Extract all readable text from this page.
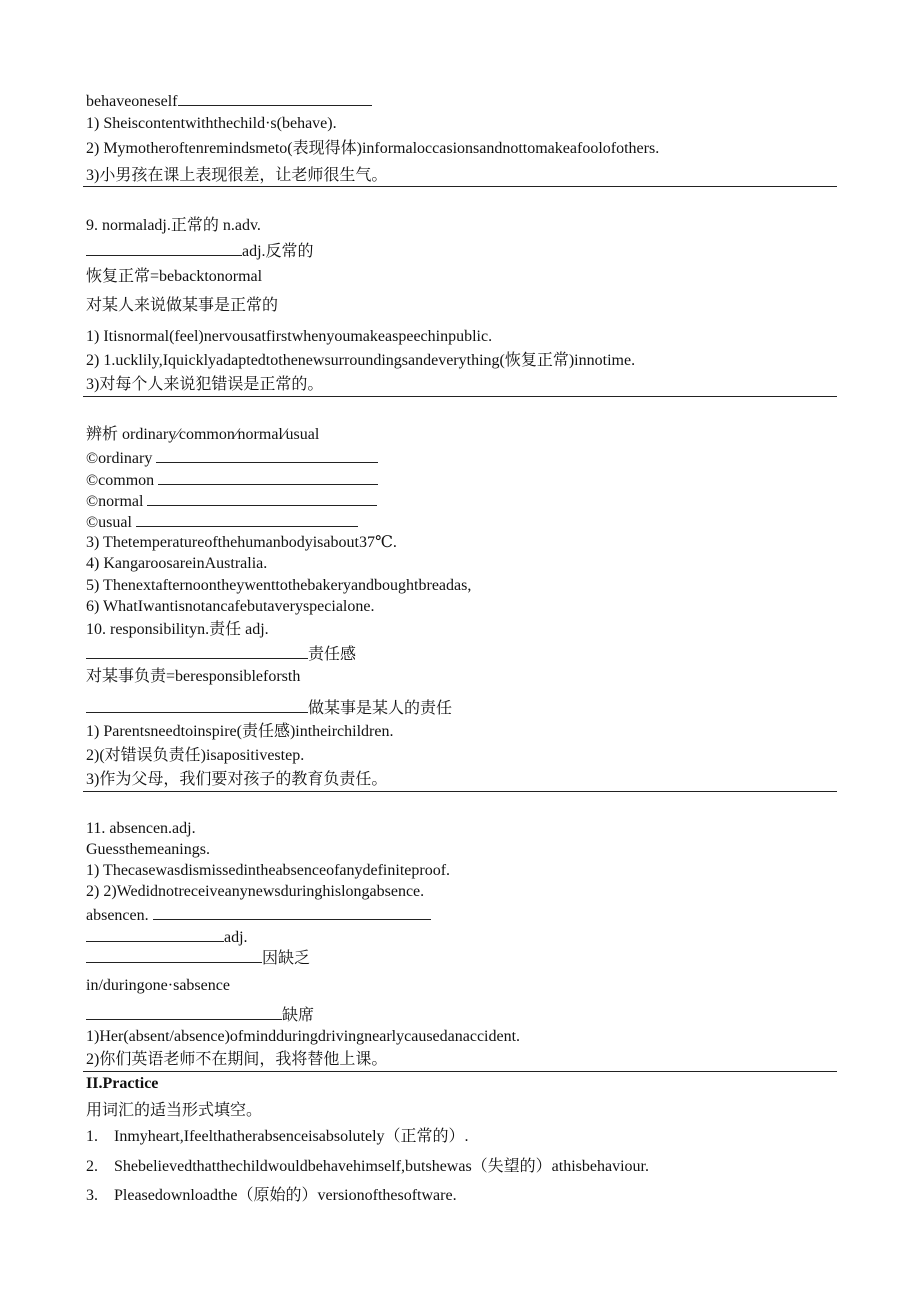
behaveoneself
1) Sheiscontentwiththechild·s(behave).
2) Mymotheroftenremindsmeto(表现得体)informaloccasionsandnottomakeafoolofothers.
3)小男孩在课上表现很差，让老师很生气。
9. normaladj.正常的 n.adv.
adj.反常的
恢复正常=bebacktonormal
对某人来说做某事是正常的
1) Itisnormal(feel)nervousatfirstwhenyoumakeaspeechinpublic.
2) 1.ucklily,Iquicklyadaptedtothenewsurroundingsandeverything(恢复正常)innotime.
3)对每个人来说犯错误是正常的。
辨析 ordinary∕common∕normal∕usual
©ordinary
©common
©normal
©usual
3) Thetemperatureofthehumanbodyisabout37℃.
4) KangaroosareinAustralia.
5) Thenextafternoontheywenttothebakeryandboughtbreadas,
6) WhatIwantisnotancafebutaveryspecialone.
10. responsibilityn.责任 adj.
责任感
对某事负责=beresponsibleforsth
做某事是某人的责任
1) Parentsneedtoinspire(责任感)intheirchildren.
2)(对错误负责任)isapositivestep.
3)作为父母，我们要对孩子的教育负责任。
11. absencen.adj.
Guessthemeanings.
1) Thecasewasdismissedintheabsenceofanydefiniteproof.
2) 2)Wedidnotreceiveanynewsduringhislongabsence.
absencen.
adj.
因缺乏
in/duringone·sabsence
缺席
1)Her(absent/absence)ofmindduringdrivingnearlycausedanaccident.
2)你们英语老师不在期间，我将替他上课。
II.Practice
用词汇的适当形式填空。
1. Inmyheart,Ifeelthatherabsenceisabsolutely（正常的）.
2. Shebelievedthatthechildwouldbehavehimself,butshewas（失望的）athisbehaviour.
3. Pleasedownloadthe（原始的）versionofthesoftware.
